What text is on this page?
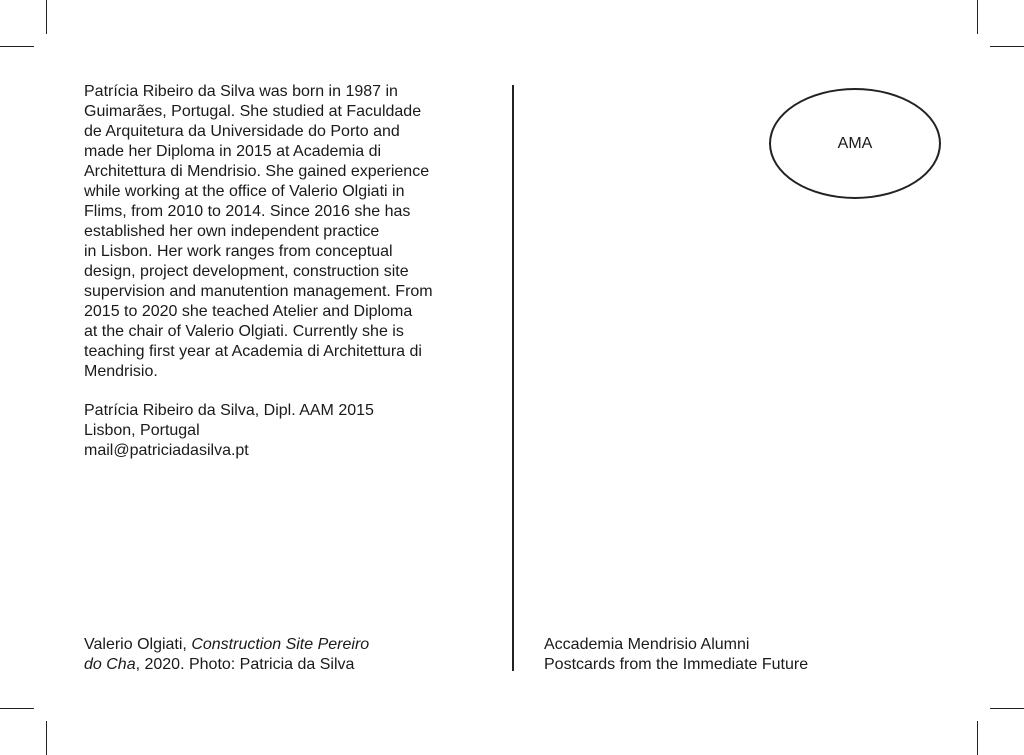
Patrícia Ribeiro da Silva was born in 1987 in
Guimarães, Portugal. She studied at Faculdade
de Arquitetura da Universidade do Porto and
made her Diploma in 2015 at Academia di
Architettura di Mendrisio. She gained experience
while working at the office of Valerio Olgiati in
Flims, from 2010 to 2014. Since 2016 she has
established her own independent practice
in Lisbon. Her work ranges from conceptual
design, project development, construction site
supervision and manutention management. From
2015 to 2020 she teached Atelier and Diploma
at the chair of Valerio Olgiati. Currently she is
teaching first year at Academia di Architettura di
Mendrisio.
Patrícia Ribeiro da Silva, Dipl. AAM 2015
Lisbon, Portugal
mail@patriciadasilva.pt
AMA
Valerio Olgiati, Construction Site Pereiro
do Cha, 2020. Photo: Patricia da Silva
Accademia Mendrisio Alumni
Postcards from the Immediate Future
